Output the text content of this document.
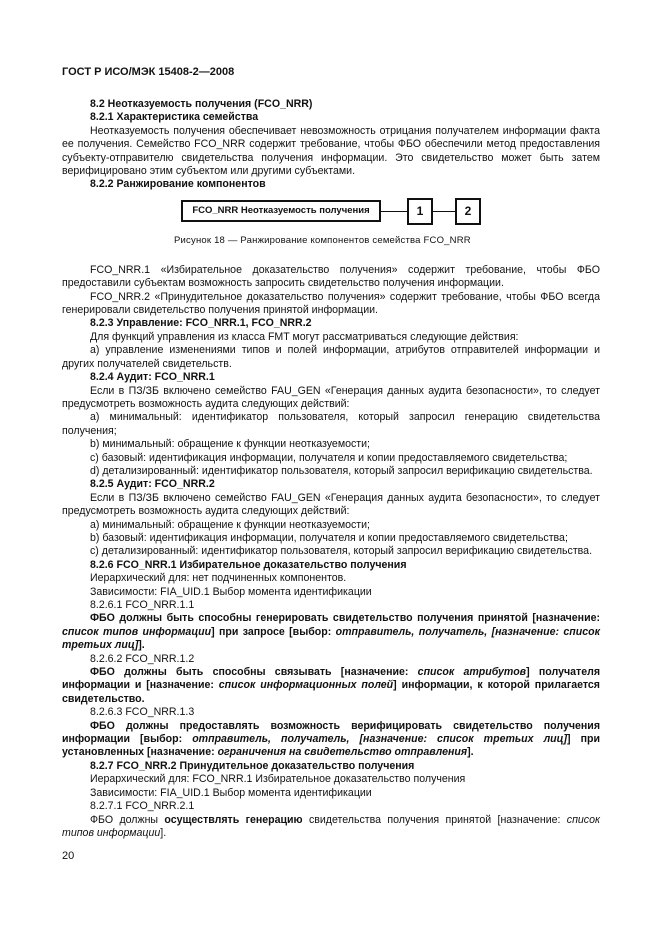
ГОСТ Р ИСО/МЭК 15408-2—2008

8.2 Неотказуемость получения (FCO_NRR)

8.2.1 Характеристика семейства

Неотказуемость получения обеспечивает невозможность отрицания получателем информации факта ее получения. Семейство FCO_NRR содержит требование, чтобы ФБО обеспечили метод предоставления субъекту-отправителю свидетельства получения информации. Это свидетельство может быть затем верифицировано этим субъектом или другими субъектами.

8.2.2 Ранжирование компонентов

FCO_NRR Неотказуемость получения	1	2
Рисунок 18 — Ранжирование компонентов семейства FCO_NRR

FCO_NRR.1 «Избирательное доказательство получения» содержит требование, чтобы ФБО предоставили субъектам возможность запросить свидетельство получения информации.

FCO_NRR.2 «Принудительное доказательство получения» содержит требование, чтобы ФБО всегда генерировали свидетельство получения принятой информации.

8.2.3 Управление: FCO_NRR.1, FCO_NRR.2

Для функций управления из класса FMT могут рассматриваться следующие действия:

а) управление изменениями типов и полей информации, атрибутов отправителей информации и других получателей свидетельств.

8.2.4 Аудит: FCO_NRR.1

Если в ПЗ/ЗБ включено семейство FAU_GEN «Генерация данных аудита безопасности», то следует предусмотреть возможность аудита следующих действий:

а) минимальный: идентификатор пользователя, который запросил генерацию свидетельства получения;

b) минимальный: обращение к функции неотказуемости;

с) базовый: идентификация информации, получателя и копии предоставляемого свидетельства;

d) детализированный: идентификатор пользователя, который запросил верификацию свидетельства.

8.2.5 Аудит: FCO_NRR.2

Если в ПЗ/ЗБ включено семейство FAU_GEN «Генерация данных аудита безопасности», то следует предусмотреть возможность аудита следующих действий:

а) минимальный: обращение к функции неотказуемости;

b) базовый: идентификация информации, получателя и копии предоставляемого свидетельства;

с) детализированный: идентификатор пользователя, который запросил верификацию свидетельства.

8.2.6 FCO_NRR.1 Избирательное доказательство получения

Иерархический для: нет подчиненных компонентов.

Зависимости: FIA_UID.1 Выбор момента идентификации

8.2.6.1 FCO_NRR.1.1

ФБО должны быть способны генерировать свидетельство получения принятой [назначение: список типов информации] при запросе [выбор: отправитель, получатель, [назначение: список третьих лиц]].

8.2.6.2 FCO_NRR.1.2

ФБО должны быть способны связывать [назначение: список атрибутов] получателя информации и [назначение: список информационных полей] информации, к которой прилагается свидетельство.

8.2.6.3 FCO_NRR.1.3

ФБО должны предоставлять возможность верифицировать свидетельство получения информации [выбор: отправитель, получатель, [назначение: список третьих лиц]] при установленных [назначение: ограничения на свидетельство отправления].

8.2.7 FCO_NRR.2 Принудительное доказательство получения

Иерархический для: FCO_NRR.1 Избирательное доказательство получения

Зависимости: FIA_UID.1 Выбор момента идентификации

8.2.7.1 FCO_NRR.2.1

ФБО должны осуществлять генерацию свидетельства получения принятой [назначение: список типов информации].

20
